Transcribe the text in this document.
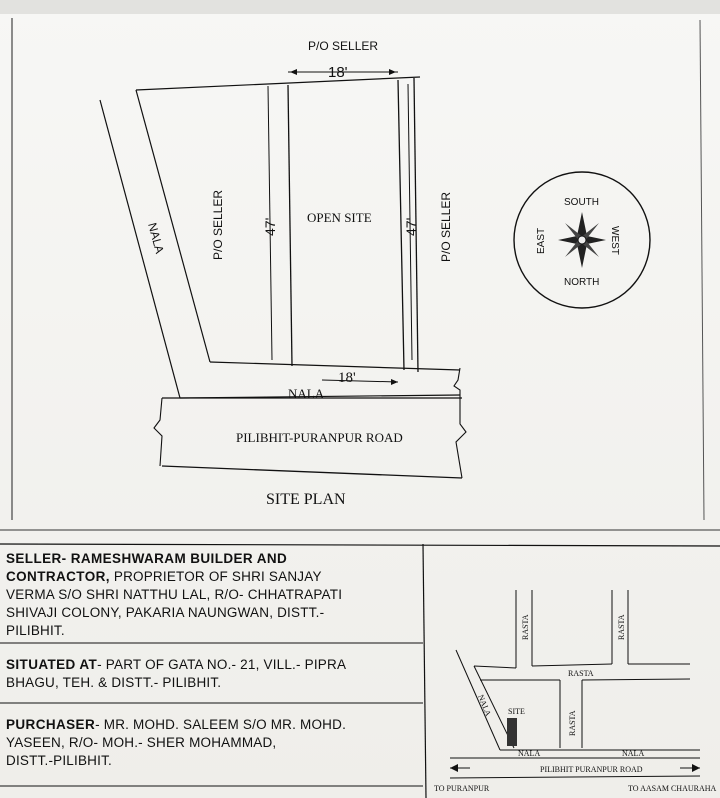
P/O SELLER
18'
OPEN SITE
18'
NALA
PILIBHIT-PURANPUR ROAD
SITE PLAN
P/O SELLER	P/O SELLER
47'	47'
NALA
SOUTH
NORTH
EAST	WEST
RASTA	RASTA
RASTA
RASTA
SITE
NALA
NALA	NALA
PILIBHIT PURANPUR ROAD
TO PURANPUR	TO AASAM CHAURAHA
SELLER- RAMESHWARAM BUILDER AND
CONTRACTOR, PROPRIETOR OF SHRI SANJAY
VERMA S/O SHRI NATTHU LAL, R/O- CHHATRAPATI
SHIVAJI COLONY, PAKARIA NAUNGWAN, DISTT.-
PILIBHIT.
SITUATED AT- PART OF GATA NO.- 21, VILL.- PIPRA
BHAGU, TEH. & DISTT.- PILIBHIT.
PURCHASER- MR. MOHD. SALEEM S/O MR. MOHD.
YASEEN, R/O- MOH.- SHER MOHAMMAD,
DISTT.-PILIBHIT.
